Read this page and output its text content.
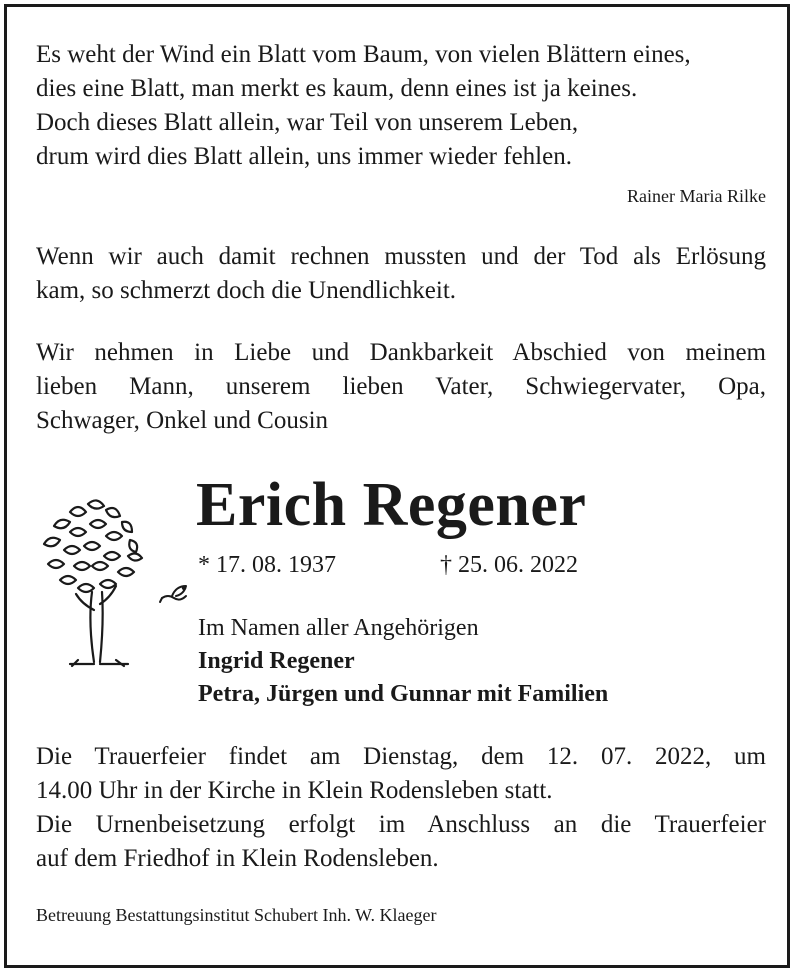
Es weht der Wind ein Blatt vom Baum, von vielen Blättern eines,
dies eine Blatt, man merkt es kaum, denn eines ist ja keines.
Doch dieses Blatt allein, war Teil von unserem Leben,
drum wird dies Blatt allein, uns immer wieder fehlen.
Rainer Maria Rilke
Wenn wir auch damit rechnen mussten und der Tod als Erlösung
kam, so schmerzt doch die Unendlichkeit.
Wir nehmen in Liebe und Dankbarkeit Abschied von meinem
lieben Mann, unserem lieben Vater, Schwiegervater, Opa,
Schwager, Onkel und Cousin
Erich Regener
* 17. 08. 1937	† 25. 06. 2022
Im Namen aller Angehörigen
Ingrid Regener
Petra, Jürgen und Gunnar mit Familien
Die Trauerfeier findet am Dienstag, dem 12. 07. 2022, um
14.00 Uhr in der Kirche in Klein Rodensleben statt.
Die Urnenbeisetzung erfolgt im Anschluss an die Trauerfeier
auf dem Friedhof in Klein Rodensleben.
Betreuung Bestattungsinstitut Schubert Inh. W. Klaeger
